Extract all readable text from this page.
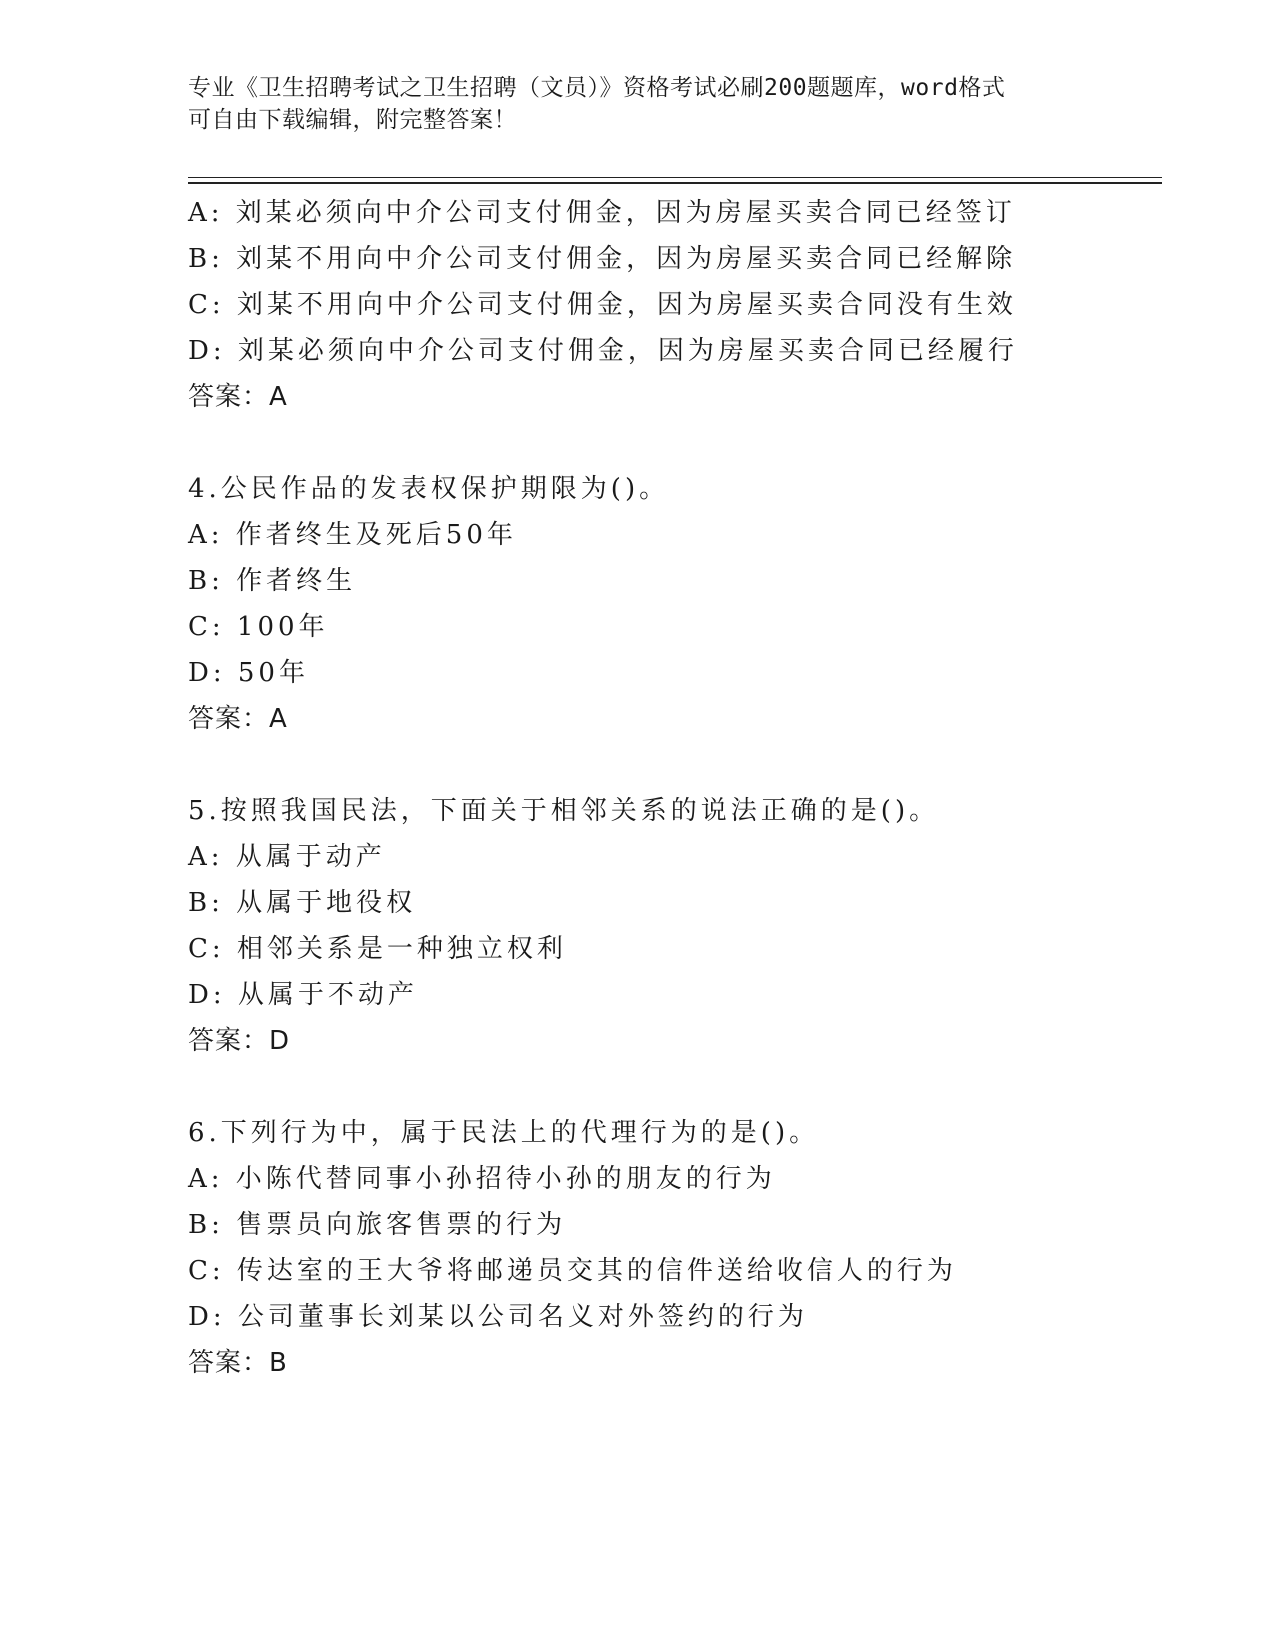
专业《卫生招聘考试之卫生招聘（文员）》资格考试必刷200题题库，word格式
可自由下载编辑，附完整答案！
A: 刘某必须向中介公司支付佣金，因为房屋买卖合同已经签订
B: 刘某不用向中介公司支付佣金，因为房屋买卖合同已经解除
C: 刘某不用向中介公司支付佣金，因为房屋买卖合同没有生效
D: 刘某必须向中介公司支付佣金，因为房屋买卖合同已经履行
答案：A
4.公民作品的发表权保护期限为()。
A: 作者终生及死后50年
B: 作者终生
C: 100年
D: 50年
答案：A
5.按照我国民法，下面关于相邻关系的说法正确的是()。
A: 从属于动产
B: 从属于地役权
C: 相邻关系是一种独立权利
D: 从属于不动产
答案：D
6.下列行为中，属于民法上的代理行为的是()。
A: 小陈代替同事小孙招待小孙的朋友的行为
B: 售票员向旅客售票的行为
C: 传达室的王大爷将邮递员交其的信件送给收信人的行为
D: 公司董事长刘某以公司名义对外签约的行为
答案：B
